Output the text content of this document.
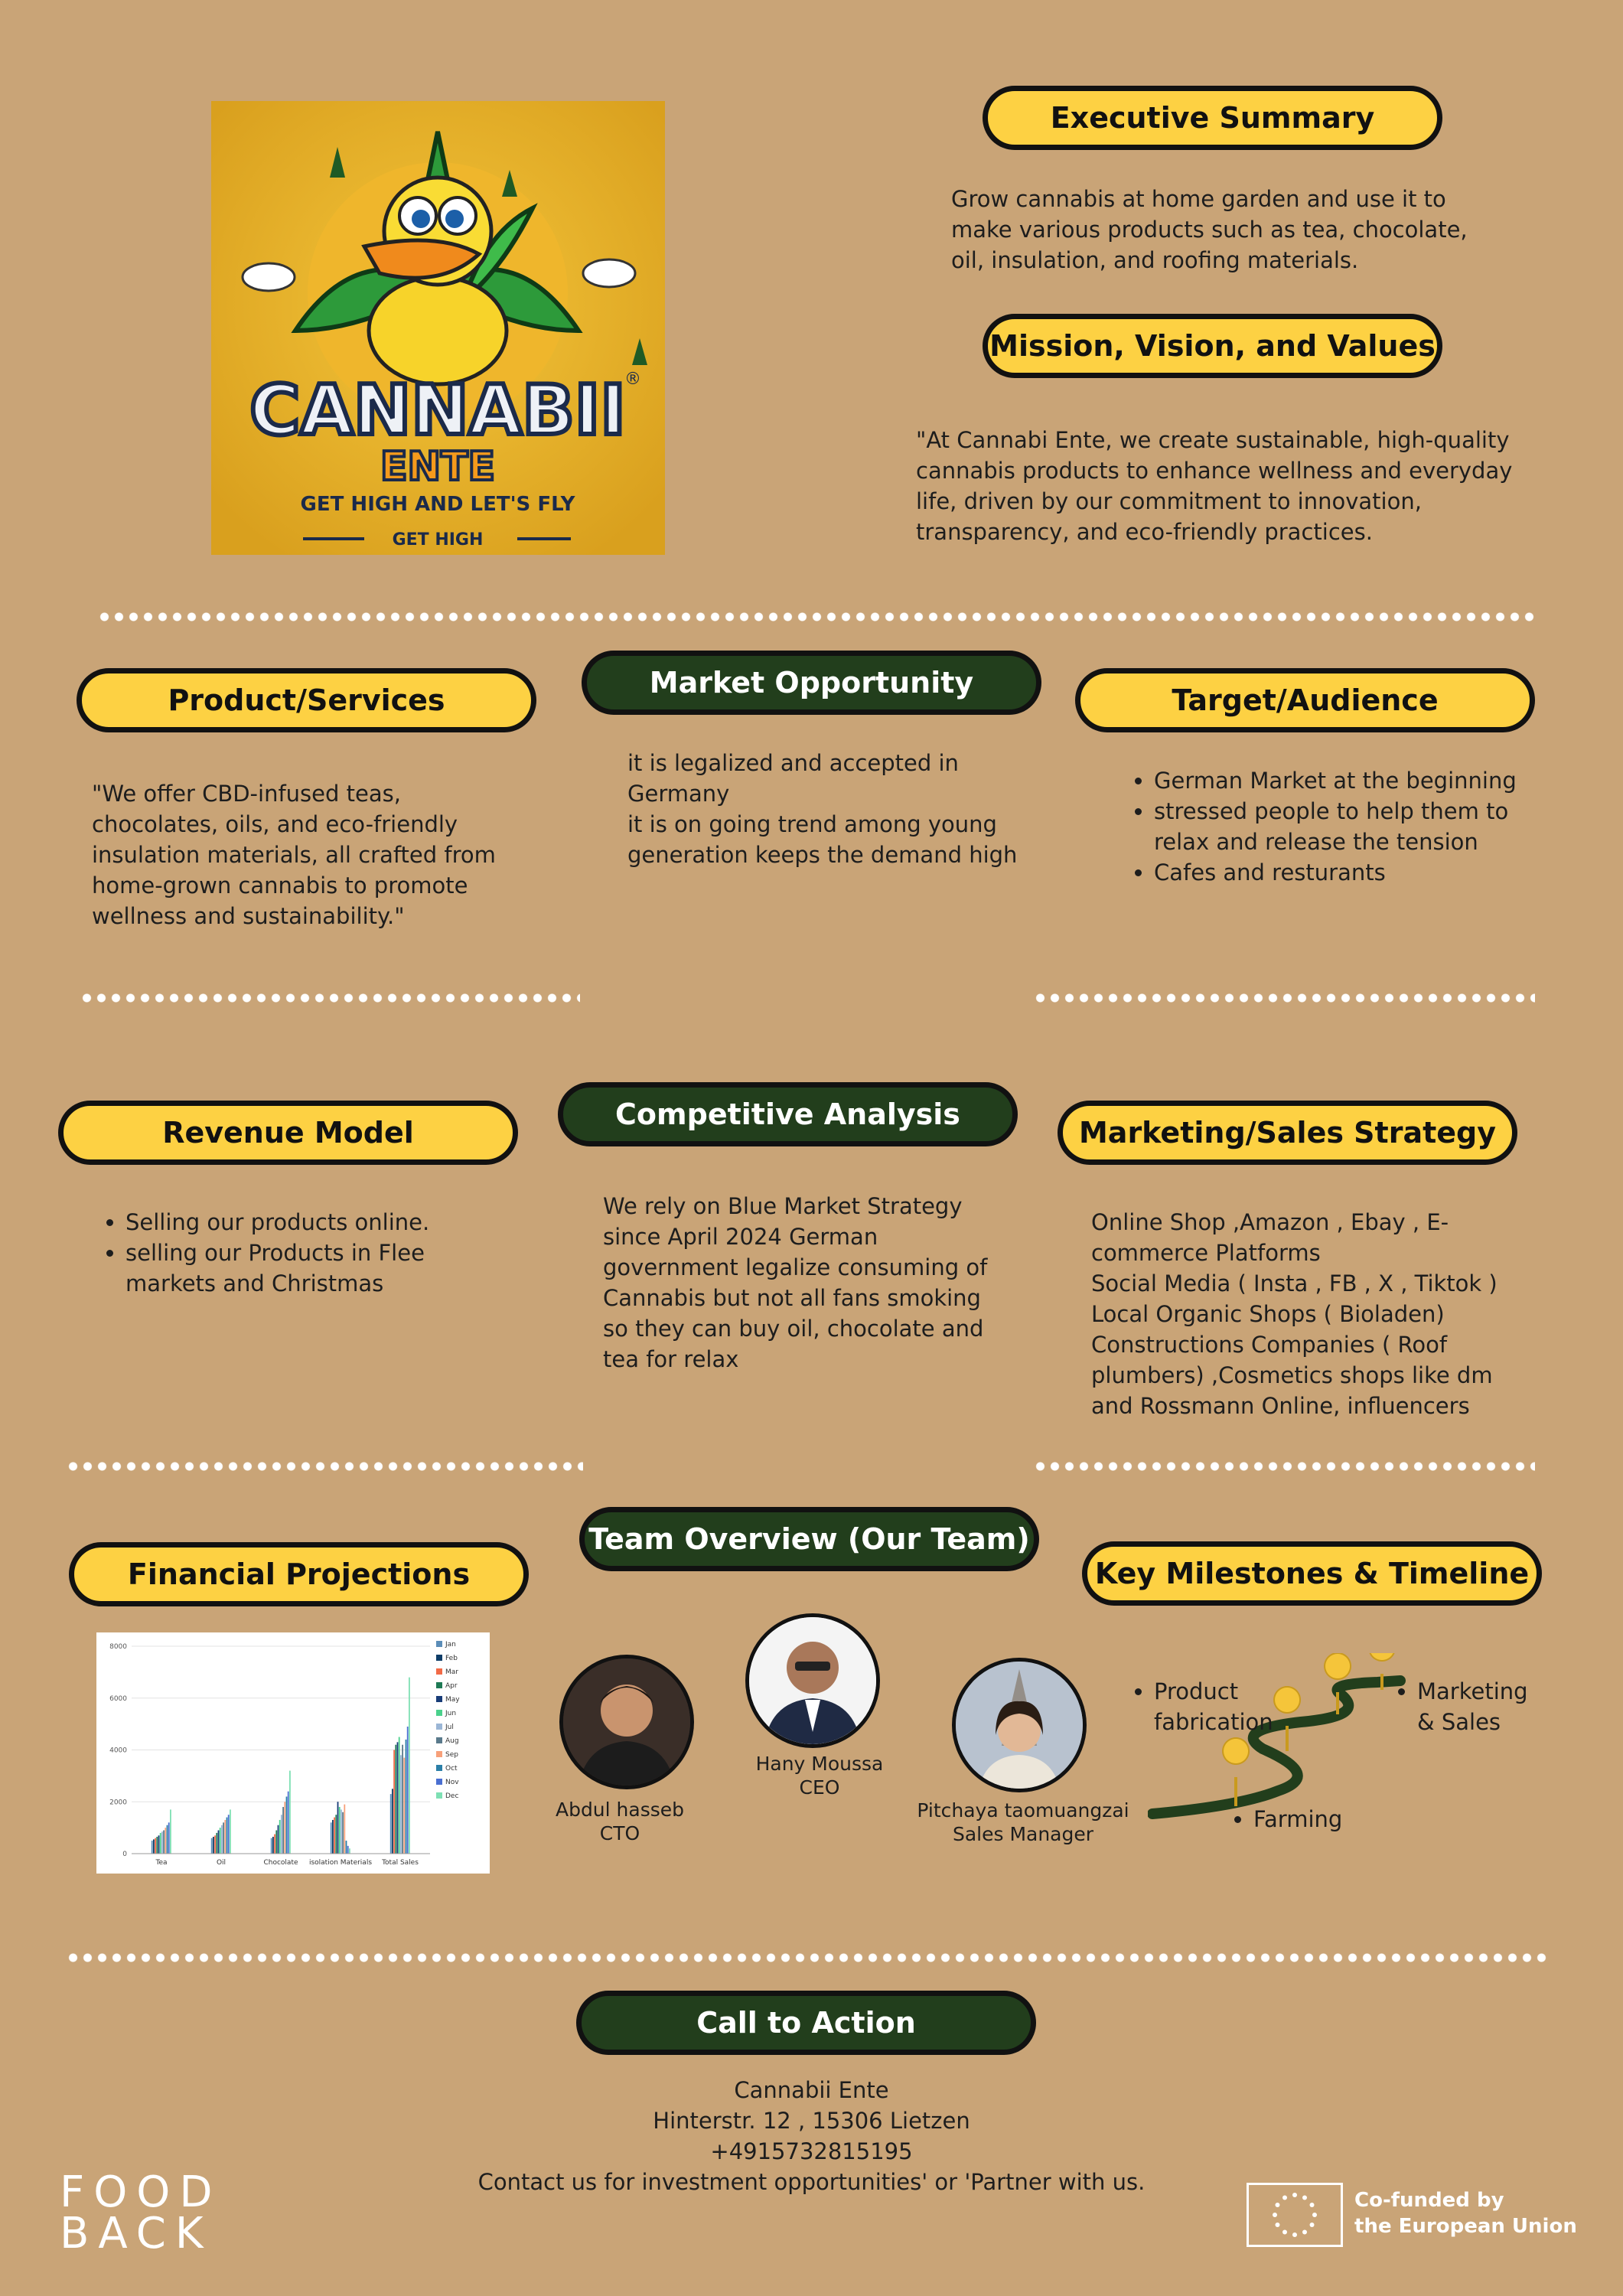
CANNABII
ENTE
GET HIGH AND LET'S FLY
GET HIGH
®
Executive Summary
Grow cannabis at home garden and use it to make various products such as tea, chocolate, oil, insulation, and roofing materials.
Mission, Vision, and Values
"At Cannabi Ente, we create sustainable, high-quality cannabis products to enhance wellness and everyday life, driven by our commitment to innovation, transparency, and eco-friendly practices.
Product/Services
"We offer CBD-infused teas, chocolates, oils, and eco-friendly insulation materials, all crafted from home-grown cannabis to promote wellness and sustainability."
Market Opportunity

it is legalized and accepted in Germany

it is on going trend among young generation keeps the demand high

Target/Audience
• German Market at the beginning
• stressed people to help them to relax and release the tension
• Cafes and resturants
Revenue Model
• Selling our products online.
• selling our Products in Flee markets and Christmas
Competitive Analysis
We rely on Blue Market Strategy since April 2024 German government legalize consuming of Cannabis but not all fans smoking so they can buy oil, chocolate and tea for relax
Marketing/Sales Strategy

Online Shop ,Amazon , Ebay , E-commerce Platforms

Social Media ( Insta , FB , X , Tiktok )

Local Organic Shops ( Bioladen)

Constructions Companies ( Roof plumbers) ,Cosmetics shops like dm and Rossmann Online, influencers

Financial Projections
0
2000
4000
6000
8000
Tea	Oil	Chocolate isolation Materials Total Sales
Jan
Feb
Mar
Apr
May
Jun
Jul
Aug
Sep
Oct
Nov
Dec
Team Overview (Our Team)
Abdul hasseb
CTO
Hany Moussa
CEO
Pitchaya taomuangzai
Sales Manager
Key Milestones & Timeline
• Product fabrication
• Marketing & Sales
• Farming
Call to Action
Cannabii Ente
Hinterstr. 12 , 15306 Lietzen
+4915732815195
Contact us for investment opportunities' or 'Partner with us.
FOOD
BACK
Co-funded by
the European Union
